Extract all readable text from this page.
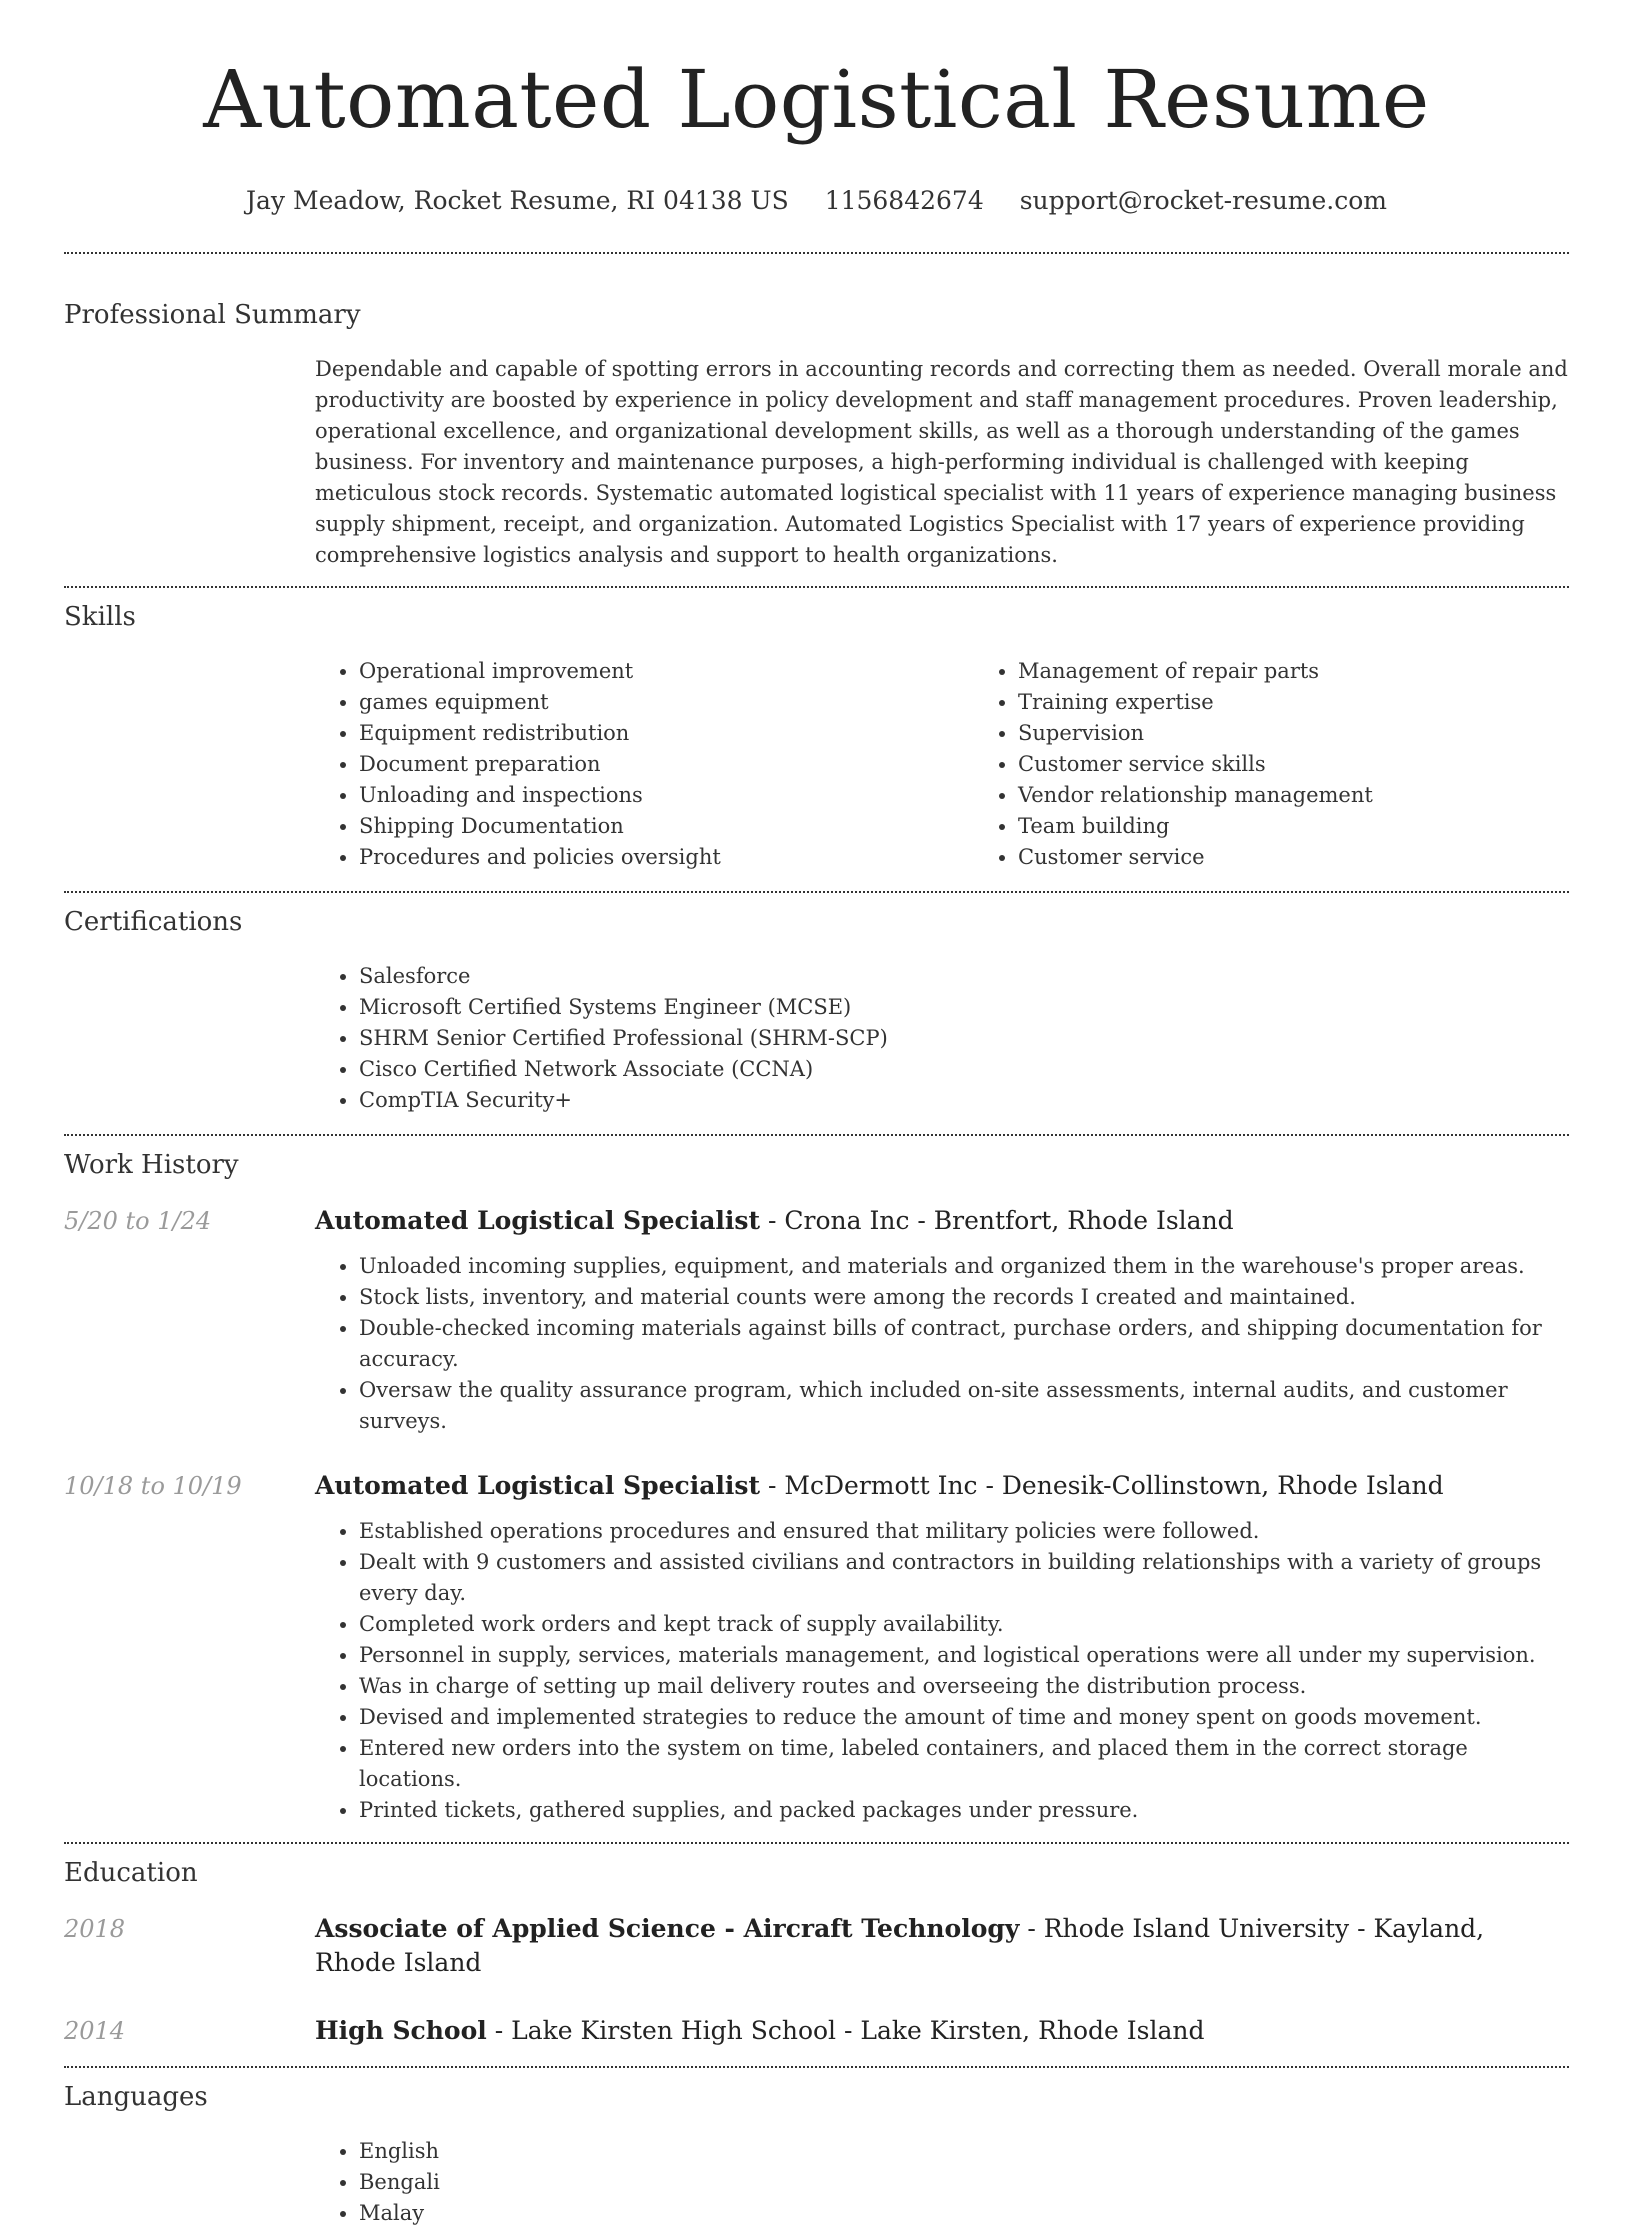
Automated Logistical Resume
Jay Meadow, Rocket Resume, RI 04138 US 1156842674 support@rocket-resume.com
Professional Summary

Dependable and capable of spotting errors in accounting records and correcting them as needed. Overall morale and productivity are boosted by experience in policy development and staff management procedures. Proven leadership, operational excellence, and organizational development skills, as well as a thorough understanding of the games business. For inventory and maintenance purposes, a high-performing individual is challenged with keeping meticulous stock records. Systematic automated logistical specialist with 11 years of experience managing business supply shipment, receipt, and organization. Automated Logistics Specialist with 17 years of experience providing comprehensive logistics analysis and support to health organizations.

Skills
• Operational improvement
• games equipment
• Equipment redistribution
• Document preparation
• Unloading and inspections
• Shipping Documentation
• Procedures and policies oversight
• Management of repair parts
• Training expertise
• Supervision
• Customer service skills
• Vendor relationship management
• Team building
• Customer service
Certifications
• Salesforce
• Microsoft Certified Systems Engineer (MCSE)
• SHRM Senior Certified Professional (SHRM-SCP)
• Cisco Certified Network Associate (CCNA)
• CompTIA Security+
Work History
5/20 to 1/24	Automated Logistical Specialist - Crona Inc - Brentfort, Rhode Island

• Unloaded incoming supplies, equipment, and materials and organized them in the warehouse's proper areas.
• Stock lists, inventory, and material counts were among the records I created and maintained.
• Double-checked incoming materials against bills of contract, purchase orders, and shipping documentation for accuracy.
• Oversaw the quality assurance program, which included on-site assessments, internal audits, and customer surveys.
10/18 to 10/19	Automated Logistical Specialist - McDermott Inc - Denesik-Collinstown, Rhode Island

• Established operations procedures and ensured that military policies were followed.
• Dealt with 9 customers and assisted civilians and contractors in building relationships with a variety of groups every day.
• Completed work orders and kept track of supply availability.
• Personnel in supply, services, materials management, and logistical operations were all under my supervision.
• Was in charge of setting up mail delivery routes and overseeing the distribution process.
• Devised and implemented strategies to reduce the amount of time and money spent on goods movement.
• Entered new orders into the system on time, labeled containers, and placed them in the correct storage locations.
• Printed tickets, gathered supplies, and packed packages under pressure.
Education
2018	Associate of Applied Science - Aircraft Technology - Rhode Island University - Kayland, Rhode Island

2014	High School - Lake Kirsten High School - Lake Kirsten, Rhode Island

Languages
• English
• Bengali
• Malay
